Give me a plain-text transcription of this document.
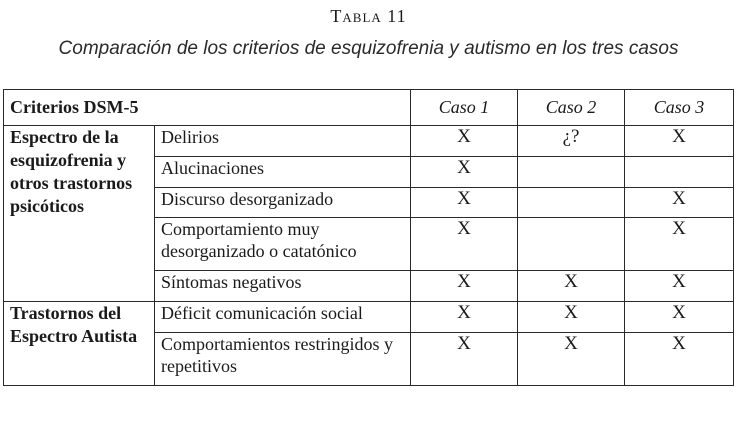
Tabla 11
Comparación de los criterios de esquizofrenia y autismo en los tres casos
Criterios DSM-5		Caso 1	Caso 2	Caso 3
Espectro de la esquizofrenia y otros trastornos psicóticos	Delirios	X	¿?	X
	Alucinaciones	X		
	Discurso desorganizado	X		X
	Comportamiento muy desorganizado o catatónico	X		X
	Síntomas negativos	X	X	X
Trastornos del Espectro Autista	Déficit comunicación social	X	X	X
	Comportamientos restringidos y repetitivos	X	X	X
